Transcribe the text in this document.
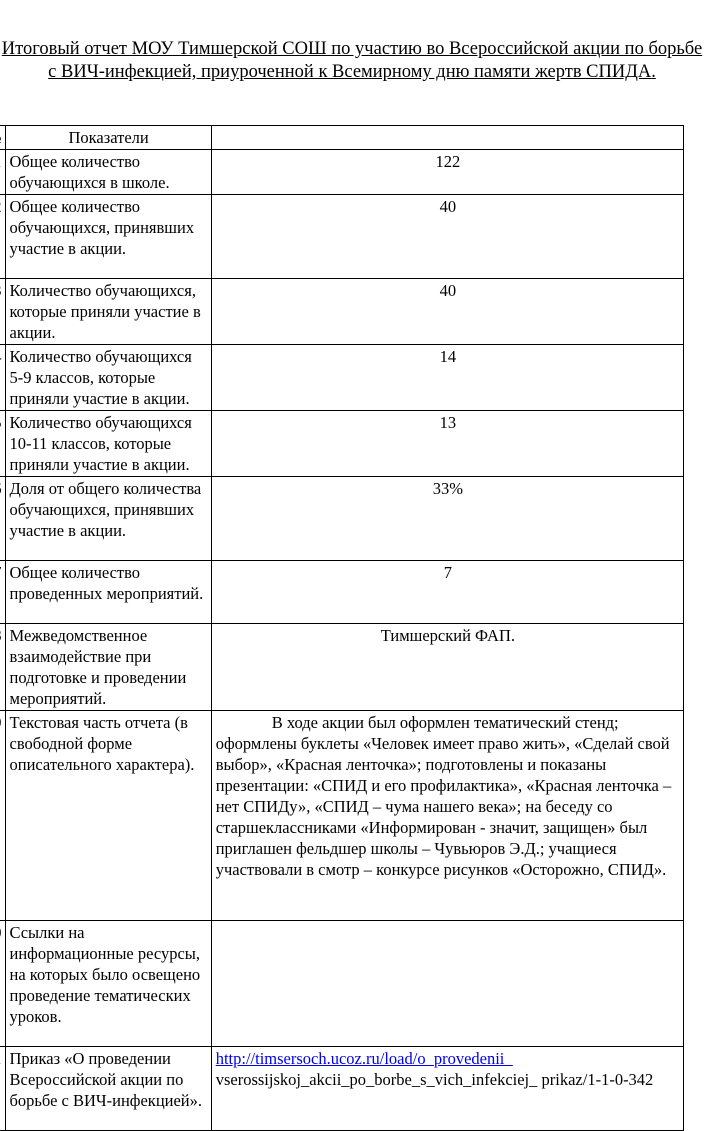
Итоговый отчет МОУ Тимшерской СОШ по участию во Всероссийской акции по борьбе
с ВИЧ-инфекцией, приуроченной к Всемирному дню памяти жертв СПИДА.
	Показатели	
	Общее количество обучающихся в школе.	122
	Общее количество обучающихся, принявших участие в акции.	40
	Количество обучающихся, которые приняли участие в акции.	40
	Количество обучающихся 5-9 классов, которые приняли участие в акции.	14
	Количество обучающихся 10-11 классов, которые приняли участие в акции.	13
	Доля от общего количества обучающихся, принявших участие в акции.	33%
	Общее количество проведенных мероприятий.	7
	Межведомственное взаимодействие при подготовке и проведении мероприятий.	Тимшерский ФАП.
	Текстовая часть отчета (в свободной форме описательного характера).	В ходе акции был оформлен тематический стенд; оформлены буклеты «Человек имеет право жить», «Сделай свой выбор», «Красная ленточка»; подготовлены и показаны презентации: «СПИД и его профилактика», «Красная ленточка – нет СПИДу», «СПИД – чума нашего века»; на беседу со старшеклассниками «Информирован - значит, защищен» был приглашен фельдшер школы – Чувьюров Э.Д.; учащиеся участвовали в смотр – конкурсе рисунков «Осторожно, СПИД».
	Ссылки на информационные ресурсы, на которых было освещено проведение тематических уроков.	
	Приказ «О проведении Всероссийской акции по борьбе с ВИЧ-инфекцией».	http://timsersoch.ucoz.ru/load/o_provedenii_
vserossijskoj_akcii_po_borbe_s_vich_infekciej_ prikaz/1-1-0-342
